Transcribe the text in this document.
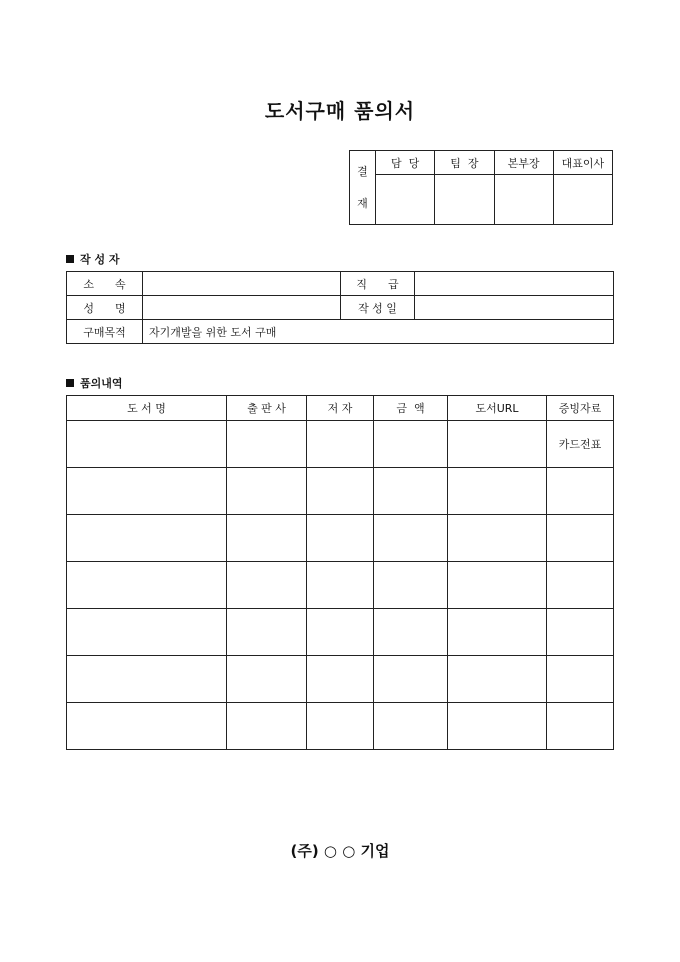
도서구매 품의서
결
재	담  당	팀  장	본부장	대표이사

작 성 자
소      속		직      급	
성      명		작 성 일	
구매목적	자기개발을 위한 도서 구매		
품의내역
도 서 명	출 판 사	저 자	금  액	도서URL	증빙자료
					카드전표

(주) ○ ○ 기업
